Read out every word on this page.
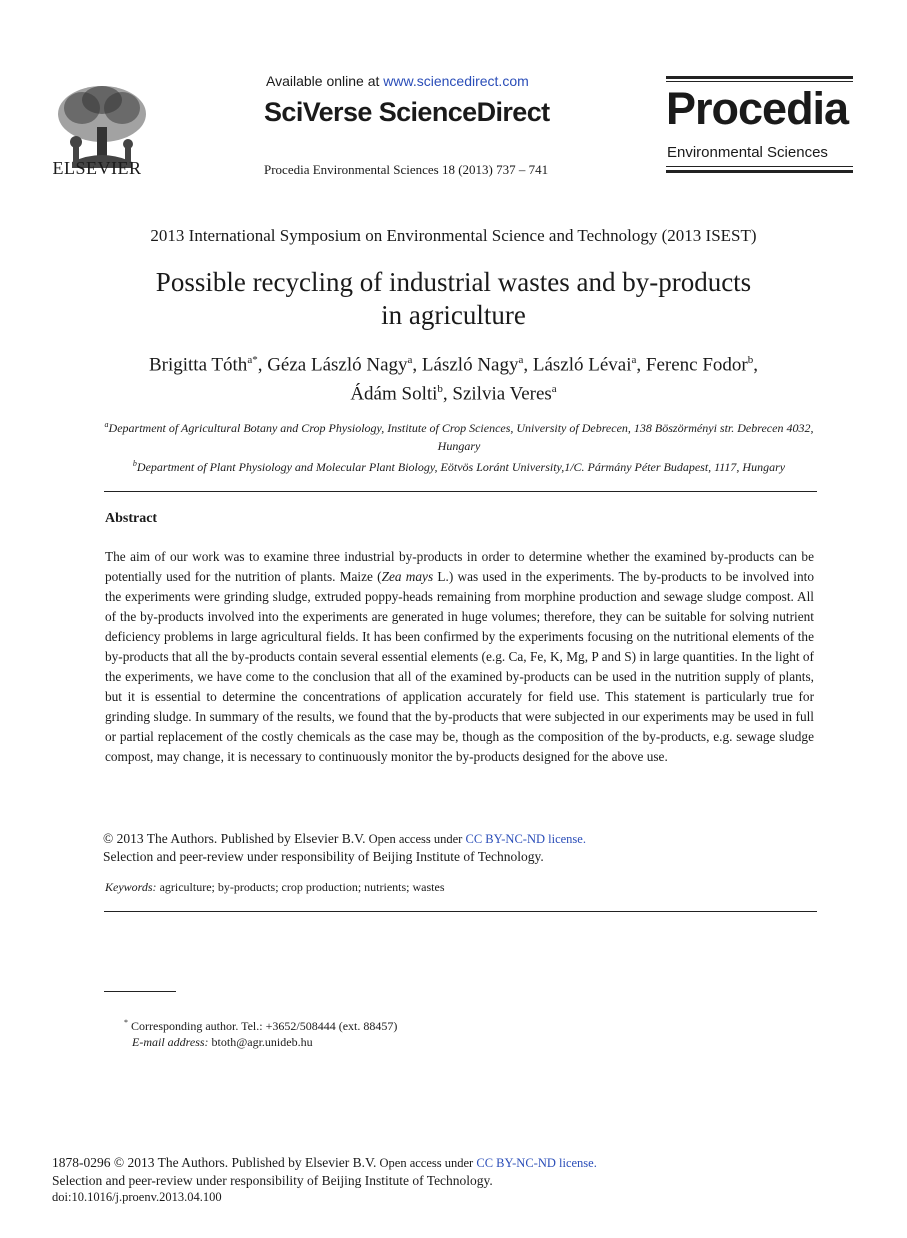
ELSEVIER
Available online at www.sciencedirect.com
SciVerse ScienceDirect
Procedia Environmental Sciences 18 (2013) 737 – 741
Procedia
Environmental Sciences
2013 International Symposium on Environmental Science and Technology (2013 ISEST)
Possible recycling of industrial wastes and by-products
in agriculture
Brigitta Tóth$^{a*}$, Géza László Nagy$^a$, László Nagy$^a$, László Lévai$^a$, Ferenc Fodor$^b$,
Ádám Solti$^b$, Szilvia Veres$^a$
$^a$Department of Agricultural Botany and Crop Physiology, Institute of Crop Sciences, University of Debrecen, 138 Böszörményi str. Debrecen 4032, Hungary
$^b$Department of Plant Physiology and Molecular Plant Biology, Eötvös Loránt University,1/C. Pármány Péter Budapest, 1117, Hungary
Abstract
The aim of our work was to examine three industrial by-products in order to determine whether the examined by-products can be potentially used for the nutrition of plants. Maize (Zea mays L.) was used in the experiments. The by-products to be involved into the experiments were grinding sludge, extruded poppy-heads remaining from morphine production and sewage sludge compost. All of the by-products involved into the experiments are generated in huge volumes; therefore, they can be suitable for solving nutrient deficiency problems in large agricultural fields. It has been confirmed by the experiments focusing on the nutritional elements of the by-products that all the by-products contain several essential elements (e.g. Ca, Fe, K, Mg, P and S) in large quantities. In the light of the experiments, we have come to the conclusion that all of the examined by-products can be used in the nutrition supply of plants, but it is essential to determine the concentrations of application accurately for field use. This statement is particularly true for grinding sludge. In summary of the results, we found that the by-products that were subjected in our experiments may be used in full or partial replacement of the costly chemicals as the case may be, though as the composition of the by-products, e.g. sewage sludge compost, may change, it is necessary to continuously monitor the by-products designed for the above use.
© 2013 The Authors. Published by Elsevier B.V. Open access under CC BY-NC-ND license.
Selection and peer-review under responsibility of Beijing Institute of Technology.
Keywords: agriculture; by-products; crop production; nutrients; wastes
* Corresponding author. Tel.: +3652/508444 (ext. 88457)
E-mail address: btoth@agr.unideb.hu
1878-0296 © 2013 The Authors. Published by Elsevier B.V. Open access under CC BY-NC-ND license.
Selection and peer-review under responsibility of Beijing Institute of Technology.
doi:10.1016/j.proenv.2013.04.100
